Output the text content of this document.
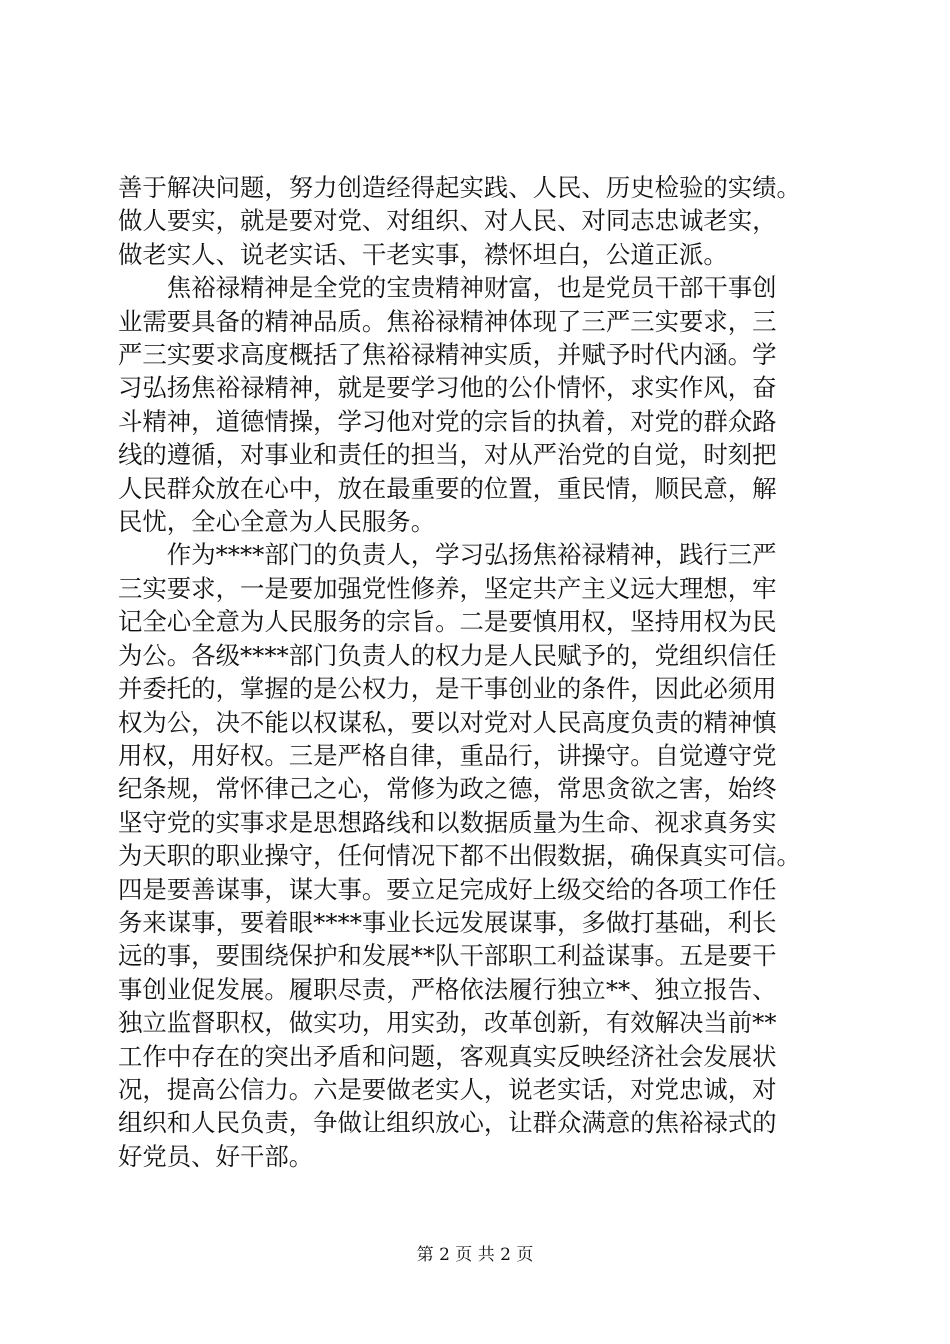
善于解决问题，努力创造经得起实践、人民、历史检验的实绩。
做人要实，就是要对党、对组织、对人民、对同志忠诚老实，
做老实人、说老实话、干老实事，襟怀坦白，公道正派。

焦裕禄精神是全党的宝贵精神财富，也是党员干部干事创
业需要具备的精神品质。焦裕禄精神体现了三严三实要求，三
严三实要求高度概括了焦裕禄精神实质，并赋予时代内涵。学
习弘扬焦裕禄精神，就是要学习他的公仆情怀，求实作风，奋
斗精神，道德情操，学习他对党的宗旨的执着，对党的群众路
线的遵循，对事业和责任的担当，对从严治党的自觉，时刻把
人民群众放在心中，放在最重要的位置，重民情，顺民意，解
民忧，全心全意为人民服务。

作为****部门的负责人，学习弘扬焦裕禄精神，践行三严
三实要求，一是要加强党性修养，坚定共产主义远大理想，牢
记全心全意为人民服务的宗旨。二是要慎用权，坚持用权为民
为公。各级****部门负责人的权力是人民赋予的，党组织信任
并委托的，掌握的是公权力，是干事创业的条件，因此必须用
权为公，决不能以权谋私，要以对党对人民高度负责的精神慎
用权，用好权。三是严格自律，重品行，讲操守。自觉遵守党
纪条规，常怀律己之心，常修为政之德，常思贪欲之害，始终
坚守党的实事求是思想路线和以数据质量为生命、视求真务实
为天职的职业操守，任何情况下都不出假数据，确保真实可信。
四是要善谋事，谋大事。要立足完成好上级交给的各项工作任
务来谋事，要着眼****事业长远发展谋事，多做打基础，利长
远的事，要围绕保护和发展**队干部职工利益谋事。五是要干
事创业促发展。履职尽责，严格依法履行独立**、独立报告、
独立监督职权，做实功，用实劲，改革创新，有效解决当前**
工作中存在的突出矛盾和问题，客观真实反映经济社会发展状
况，提高公信力。六是要做老实人，说老实话，对党忠诚，对
组织和人民负责，争做让组织放心，让群众满意的焦裕禄式的
好党员、好干部。

第 2 页 共 2 页
